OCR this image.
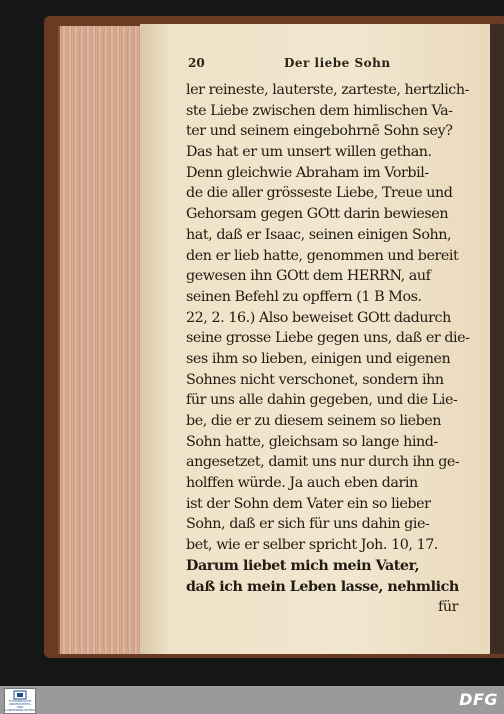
20	Der liebe Sohn
ler reineste, lauterste, zarteste, hertzlich-
ste Liebe zwischen dem himlischen Va-
ter und seinem eingebohrnē Sohn sey?
Das hat er um unsert willen gethan.
Denn gleichwie Abraham im Vorbil-
de die aller grösseste Liebe, Treue und
Gehorsam gegen GOtt darin bewiesen
hat, daß er Isaac, seinen einigen Sohn,
den er lieb hatte, genommen und bereit
gewesen ihn GOtt dem HERRN, auf
seinen Befehl zu opffern (1 B Mos.
22, 2. 16.) Also beweiset GOtt dadurch
seine grosse Liebe gegen uns, daß er die-
ses ihm so lieben, einigen und eigenen
Sohnes nicht verschonet, sondern ihn
für uns alle dahin gegeben, und die Lie-
be, die er zu diesem seinem so lieben
Sohn hatte, gleichsam so lange hind-
angesetzet, damit uns nur durch ihn ge-
holffen würde. Ja auch eben darin
ist der Sohn dem Vater ein so lieber
Sohn, daß er sich für uns dahin gie-
bet, wie er selber spricht Joh. 10, 17.
Darum liebet mich mein Vater,
daß ich mein Leben lasse, nehmlich
für
THÜRINGISCHE
UNIVERSITÄTS- UND
LANDESBIBLIOTHEK
DFG
